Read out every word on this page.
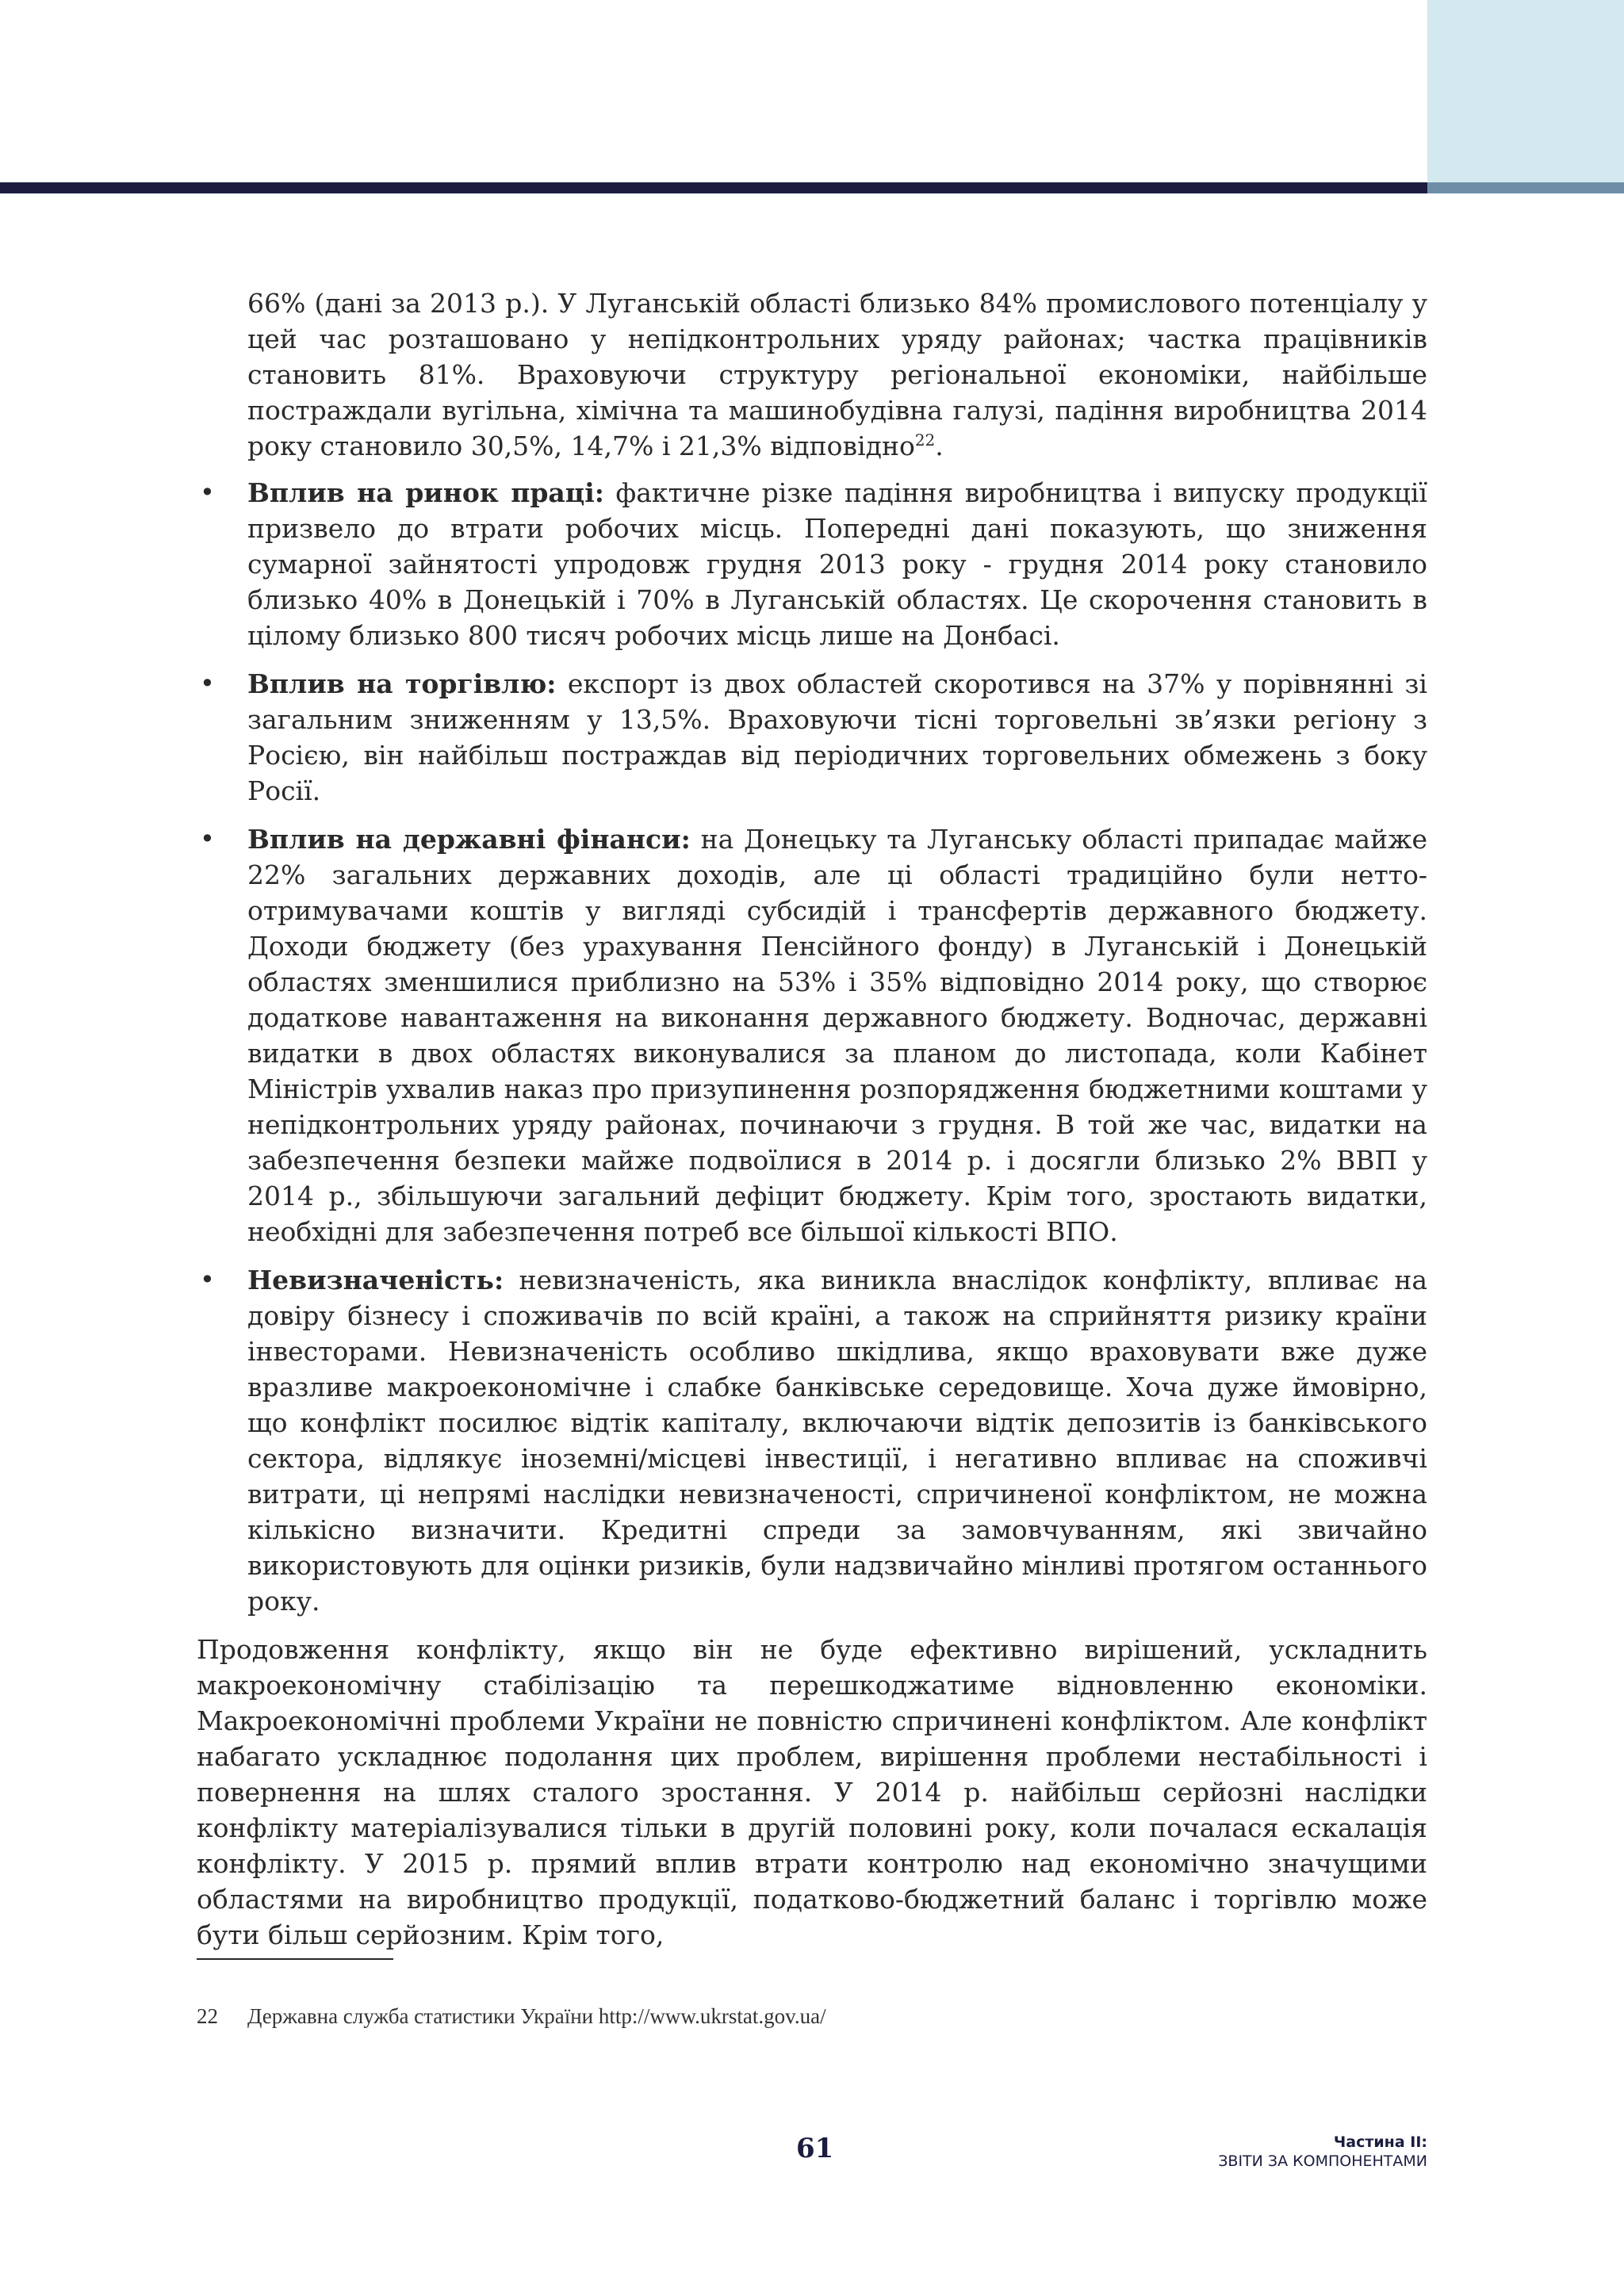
66% (дані за 2013 р.). У Луганській області близько 84% промислового потенціалу у цей час розташовано у непідконтрольних уряду районах; частка працівників становить 81%. Враховуючи структуру регіональної економіки, найбільше постраждали вугільна, хімічна та машинобудівна галузі, падіння виробництва 2014 року становило 30,5%, 14,7% і 21,3% відповідно$^{22}$.

• Вплив на ринок праці: фактичне різке падіння виробництва і випуску продукції призвело до втрати робочих місць. Попередні дані показують, що зниження сумарної зайнятості упродовж грудня 2013 року - грудня 2014 року становило близько 40% в Донецькій і 70% в Луганській областях. Це скорочення становить в цілому близько 800 тисяч робочих місць лише на Донбасі.
• Вплив на торгівлю: експорт із двох областей скоротився на 37% у порівнянні зі загальним зниженням у 13,5%. Враховуючи тісні торговельні зв’язки регіону з Росією, він найбільш постраждав від періодичних торговельних обмежень з боку Росії.
• Вплив на державні фінанси: на Донецьку та Луганську області припадає майже 22% загальних державних доходів, але ці області традиційно були нетто-отримувачами коштів у вигляді субсидій і трансфертів державного бюджету. Доходи бюджету (без урахування Пенсійного фонду) в Луганській і Донецькій областях зменшилися приблизно на 53% і 35% відповідно 2014 року, що створює додаткове навантаження на виконання державного бюджету. Водночас, державні видатки в двох областях виконувалися за планом до листопада, коли Кабінет Міністрів ухвалив наказ про призупинення розпорядження бюджетними коштами у непідконтрольних уряду районах, починаючи з грудня. В той же час, видатки на забезпечення безпеки майже подвоїлися в 2014 р. і досягли близько 2% ВВП у 2014 р., збільшуючи загальний дефіцит бюджету. Крім того, зростають видатки, необхідні для забезпечення потреб все більшої кількості ВПО.
• Невизначеність: невизначеність, яка виникла внаслідок конфлікту, впливає на довіру бізнесу і споживачів по всій країні, а також на сприйняття ризику країни інвесторами. Невизначеність особливо шкідлива, якщо враховувати вже дуже вразливе макроекономічне і слабке банківське середовище. Хоча дуже ймовірно, що конфлікт посилює відтік капіталу, включаючи відтік депозитів із банківського сектора, відлякує іноземні/місцеві інвестиції, і негативно впливає на споживчі витрати, ці непрямі наслідки невизначеності, спричиненої конфліктом, не можна кількісно визначити. Кредитні спреди за замовчуванням, які звичайно використовують для оцінки ризиків, були надзвичайно мінливі протягом останнього року.

Продовження конфлікту, якщо він не буде ефективно вирішений, ускладнить макроекономічну стабілізацію та перешкоджатиме відновленню економіки. Макроекономічні проблеми України не повністю спричинені конфліктом. Але конфлікт набагато ускладнює подолання цих проблем, вирішення проблеми нестабільності і повернення на шлях сталого зростання. У 2014 р. найбільш серйозні наслідки конфлікту матеріалізувалися тільки в другій половині року, коли почалася ескалація конфлікту. У 2015 р. прямий вплив втрати контролю над економічно значущими областями на виробництво продукції, податково-бюджетний баланс і торгівлю може бути більш серйозним. Крім того,

22 Державна служба статистики України http://www.ukrstat.gov.ua/
61	Частина II:
ЗВІТИ ЗА КОМПОНЕНТАМИ
